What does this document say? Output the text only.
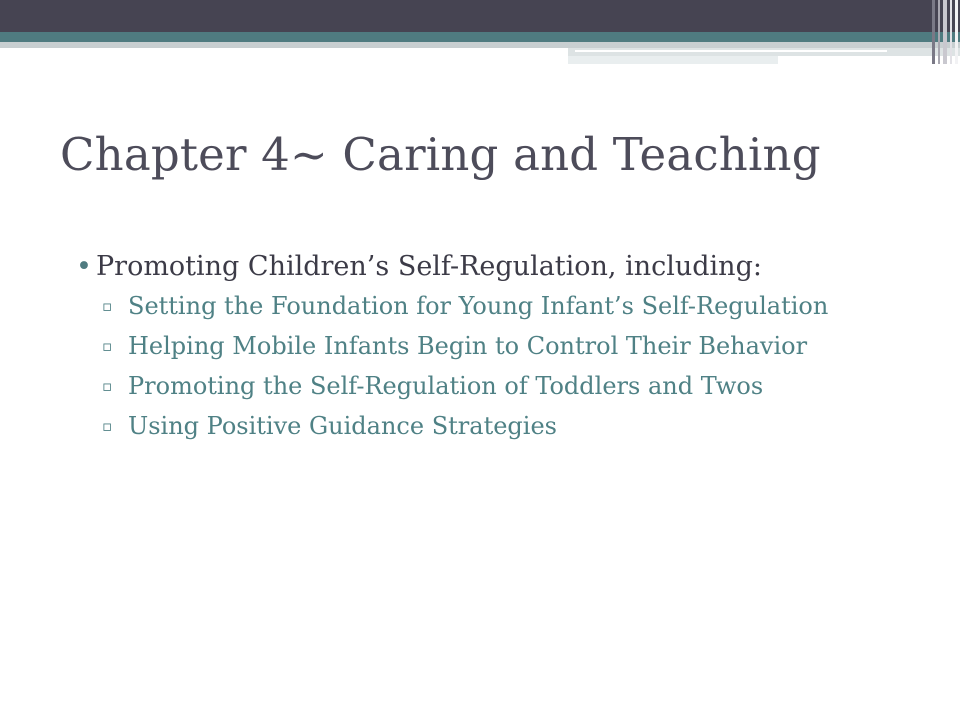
Chapter 4~ Caring and Teaching
• Promoting Children’s Self-Regulation, including:
▫ Setting the Foundation for Young Infant’s Self-Regulation
▫ Helping Mobile Infants Begin to Control Their Behavior
▫ Promoting the Self-Regulation of Toddlers and Twos
▫ Using Positive Guidance Strategies
